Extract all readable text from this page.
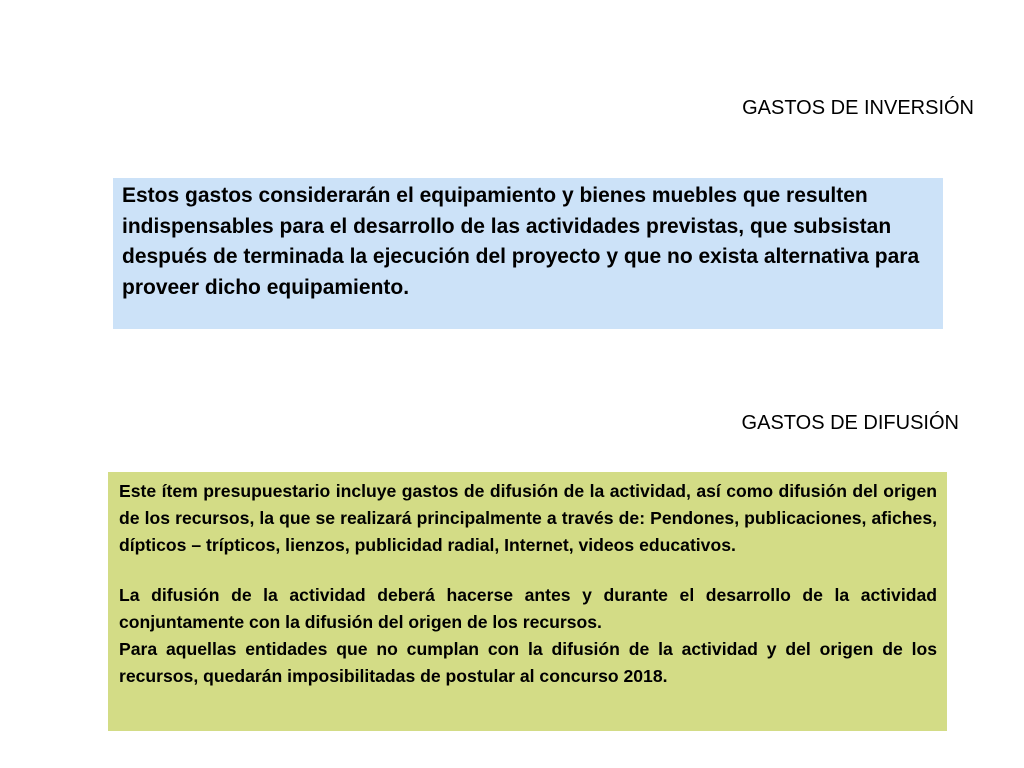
GASTOS DE INVERSIÓN

Estos gastos considerarán el equipamiento y bienes muebles que resulten indispensables para el desarrollo de las actividades previstas, que subsistan después de terminada la ejecución del proyecto y que no exista alternativa para proveer dicho equipamiento.

GASTOS DE DIFUSIÓN

Este ítem presupuestario incluye gastos de difusión de la actividad, así como difusión del origen de los recursos, la que se realizará principalmente a través de: Pendones, publicaciones, afiches, dípticos – trípticos, lienzos, publicidad radial, Internet, videos educativos.

La difusión de la actividad deberá hacerse antes y durante el desarrollo de la actividad conjuntamente con la difusión del origen de los recursos.

Para aquellas entidades que no cumplan con la difusión de la actividad y del origen de los recursos, quedarán imposibilitadas de postular al concurso 2018.
